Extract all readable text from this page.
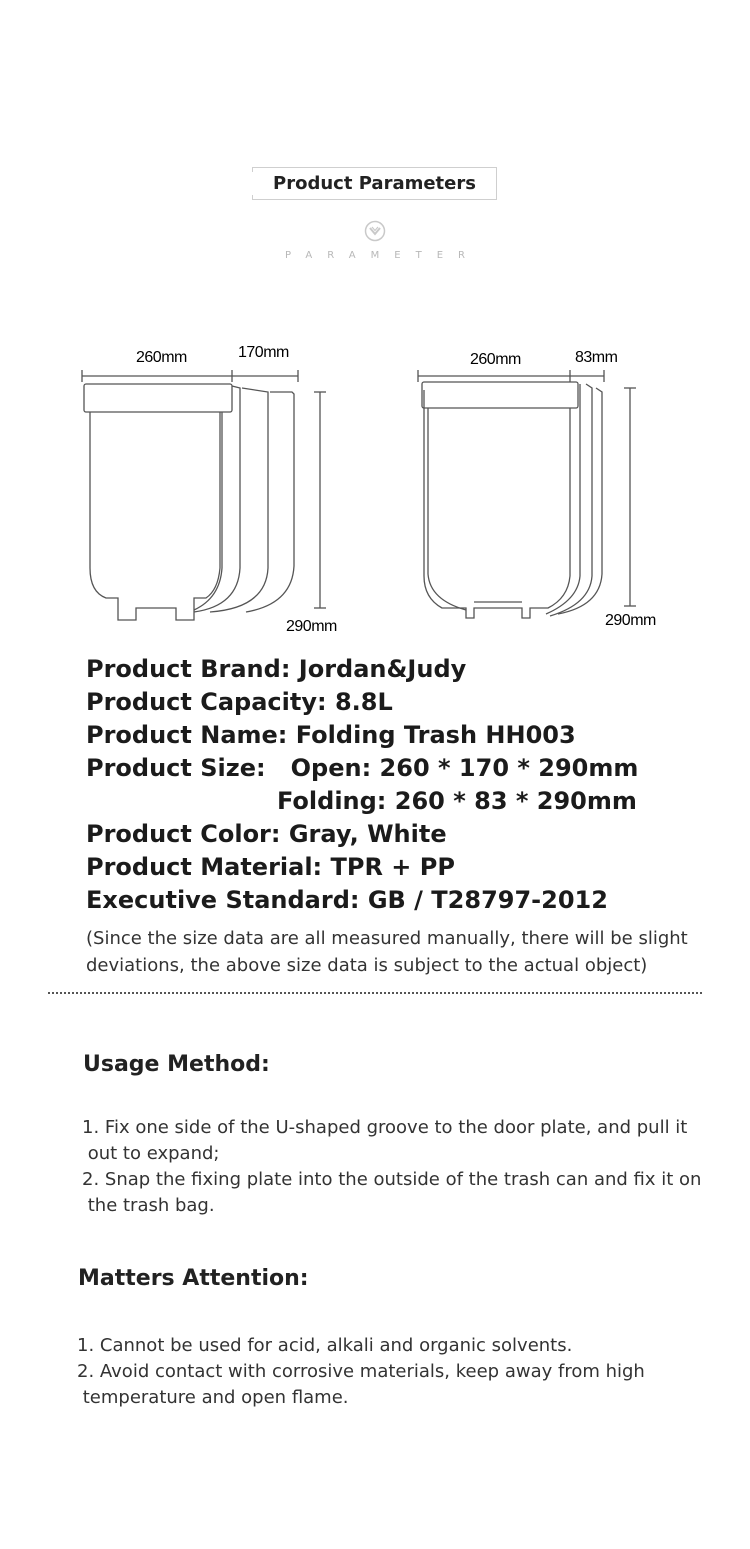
Product Parameters
PARAMETER
260mm	170mm
290mm
260mm	83mm
290mm
Product Brand: Jordan&Judy
Product Capacity: 8.8L
Product Name: Folding Trash HH003
Product Size:   Open: 260 * 170 * 290mm
Folding: 260 * 83 * 290mm
Product Color: Gray, White
Product Material: TPR + PP
Executive Standard: GB / T28797-2012
(Since the size data are all measured manually, there will be slight
deviations, the above size data is subject to the actual object)
Usage Method:
1. Fix one side of the U-shaped groove to the door plate, and pull it
out to expand;
2. Snap the fixing plate into the outside of the trash can and fix it on
the trash bag.
Matters Attention:
1. Cannot be used for acid, alkali and organic solvents.
2. Avoid contact with corrosive materials, keep away from high
temperature and open flame.
